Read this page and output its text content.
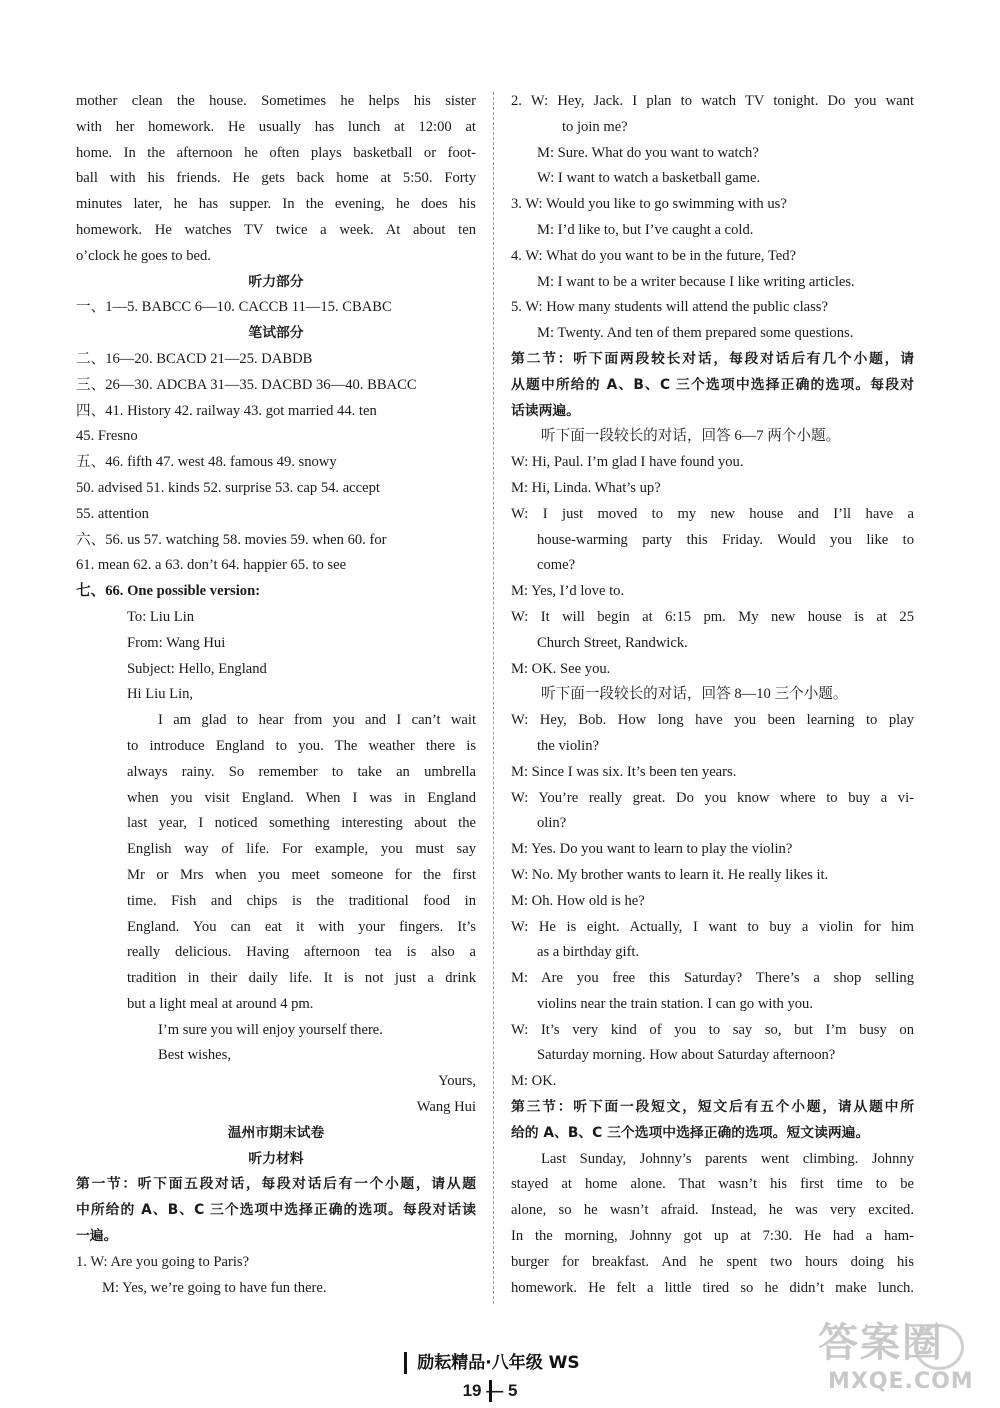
mother clean the house. Sometimes he helps his sister
with her homework. He usually has lunch at 12:00 at
home. In the afternoon he often plays basketball or foot-
ball with his friends. He gets back home at 5:50. Forty
minutes later, he has supper. In the evening, he does his
homework. He watches TV twice a week. At about ten
o’clock he goes to bed.
听力部分
一、1—5. BABCC 6—10. CACCB 11—15. CBABC
笔试部分
二、16—20. BCACD 21—25. DABDB
三、26—30. ADCBA 31—35. DACBD 36—40. BBACC
四、41. History 42. railway 43. got married 44. ten
45. Fresno
五、46. fifth 47. west 48. famous 49. snowy
50. advised 51. kinds 52. surprise 53. cap 54. accept
55. attention
六、56. us 57. watching 58. movies 59. when 60. for
61. mean 62. a 63. don’t 64. happier 65. to see
七、66. One possible version:
To: Liu Lin
From: Wang Hui
Subject: Hello, England
Hi Liu Lin,
I am glad to hear from you and I can’t wait
to introduce England to you. The weather there is
always rainy. So remember to take an umbrella
when you visit England. When I was in England
last year, I noticed something interesting about the
English way of life. For example, you must say
Mr or Mrs when you meet someone for the first
time. Fish and chips is the traditional food in
England. You can eat it with your fingers. It’s
really delicious. Having afternoon tea is also a
tradition in their daily life. It is not just a drink
but a light meal at around 4 pm.
I’m sure you will enjoy yourself there.
Best wishes,
Yours,
Wang Hui
温州市期末试卷
听力材料
第一节：听下面五段对话，每段对话后有一个小题，请从题
中所给的 A、B、C 三个选项中选择正确的选项。每段对话读
一遍。
1. W: Are you going to Paris?
M: Yes, we’re going to have fun there.
2. W: Hey, Jack. I plan to watch TV tonight. Do you want
to join me?
M: Sure. What do you want to watch?
W: I want to watch a basketball game.
3. W: Would you like to go swimming with us?
M: I’d like to, but I’ve caught a cold.
4. W: What do you want to be in the future, Ted?
M: I want to be a writer because I like writing articles.
5. W: How many students will attend the public class?
M: Twenty. And ten of them prepared some questions.
第二节：听下面两段较长对话，每段对话后有几个小题，请
从题中所给的 A、B、C 三个选项中选择正确的选项。每段对
话读两遍。
听下面一段较长的对话，回答 6—7 两个小题。
W: Hi, Paul. I’m glad I have found you.
M: Hi, Linda. What’s up?
W: I just moved to my new house and I’ll have a
house-warming party this Friday. Would you like to
come?
M: Yes, I’d love to.
W: It will begin at 6:15 pm. My new house is at 25
Church Street, Randwick.
M: OK. See you.
听下面一段较长的对话，回答 8—10 三个小题。
W: Hey, Bob. How long have you been learning to play
the violin?
M: Since I was six. It’s been ten years.
W: You’re really great. Do you know where to buy a vi-
olin?
M: Yes. Do you want to learn to play the violin?
W: No. My brother wants to learn it. He really likes it.
M: Oh. How old is he?
W: He is eight. Actually, I want to buy a violin for him
as a birthday gift.
M: Are you free this Saturday? There’s a shop selling
violins near the train station. I can go with you.
W: It’s very kind of you to say so, but I’m busy on
Saturday morning. How about Saturday afternoon?
M: OK.
第三节：听下面一段短文，短文后有五个小题，请从题中所
给的 A、B、C 三个选项中选择正确的选项。短文读两遍。
Last Sunday, Johnny’s parents went climbing. Johnny
stayed at home alone. That wasn’t his first time to be
alone, so he wasn’t afraid. Instead, he was very excited.
In the morning, Johnny got up at 7:30. He had a ham-
burger for breakfast. And he spent two hours doing his
homework. He felt a little tired so he didn’t make lunch.
励耘精品·八年级 WS
19 — 5
答案圈
MXQE.COM
